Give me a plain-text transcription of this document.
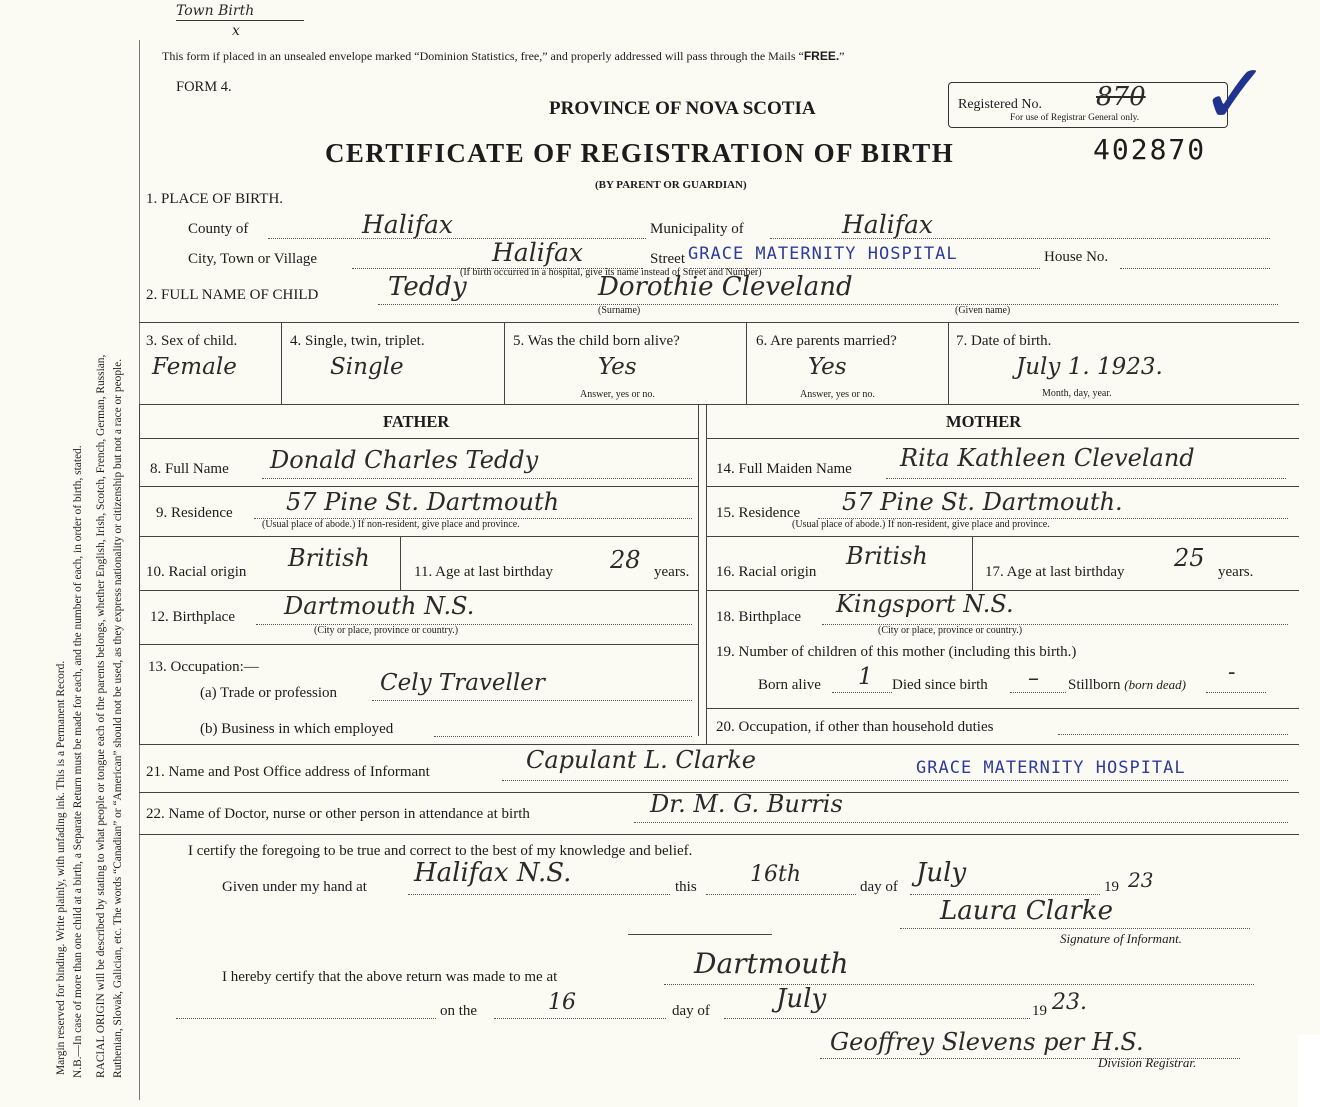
Margin reserved for binding. Write plainly, with unfading ink. This is a Permanent Record. N.B.—In case of more than one child at a birth, a Separate Return must be made for each, and the number of each, in order of birth, stated. RACIAL ORIGIN will be described by stating to what people or tongue each of the parents belongs, whether English, Irish, Scotch, French, German, Russian, Ruthenian, Slovak, Galician, etc. The words “Canadian” or “American” should not be used, as they express nationality or citizenship but not a race or people.
Town Birth
x
This form if placed in an unsealed envelope marked “Dominion Statistics, free,” and properly addressed will pass through the Mails “FREE.”
FORM 4.
PROVINCE OF NOVA SCOTIA	Registered No. 870
For use of Registrar General only. ✓
CERTIFICATE OF REGISTRATION OF BIRTH	402870
(BY PARENT OR GUARDIAN)
1. PLACE OF BIRTH.
County of	Halifax	Municipality of	Halifax
City, Town or Village	Halifax	Street GRACE MATERNITY HOSPITAL	House No.
(If birth occurred in a hospital, give its name instead of Street and Number)
2. FULL NAME OF CHILD	Teddy	Dorothie Cleveland
(Surname)	(Given name)
3. Sex of child.
Female
4. Single, twin, triplet.
Single
5. Was the child born alive?
Yes
Answer, yes or no.
6. Are parents married?
Yes
Answer, yes or no.
7. Date of birth.
July 1. 1923.
Month, day, year.
FATHER	MOTHER
8. Full Name Donald Charles Teddy
9. Residence 57 Pine St. Dartmouth
(Usual place of abode.) If non-resident, give place and province.
10. Racial origin British	11. Age at last birthday 28 years.
12. Birthplace Dartmouth N.S.
(City or place, province or country.)
13. Occupation:—
(a) Trade or profession Cely Traveller
(b) Business in which employed
14. Full Maiden Name Rita Kathleen Cleveland
15. Residence 57 Pine St. Dartmouth.
(Usual place of abode.) If non-resident, give place and province.
16. Racial origin
British
17. Age at last birthday 25 years.
18. Birthplace Kingsport N.S.
(City or place, province or country.)
19. Number of children of this mother (including this birth.)
Born alive 1 Died since birth – Stillborn (born dead) -
20. Occupation, if other than household duties
21. Name and Post Office address of Informant	Capulant L. Clarke	GRACE MATERNITY HOSPITAL
22. Name of Doctor, nurse or other person in attendance at birth	Dr. M. G. Burris
I certify the foregoing to be true and correct to the best of my knowledge and belief.
Given under my hand at Halifax N.S.	this 16th	day of July	19 23
Laura Clarke
Signature of Informant.
I hereby certify that the above return was made to me at	Dartmouth
on the	16	day of	July	19 23.
Geoffrey Slevens per H.S.
Division Registrar.
